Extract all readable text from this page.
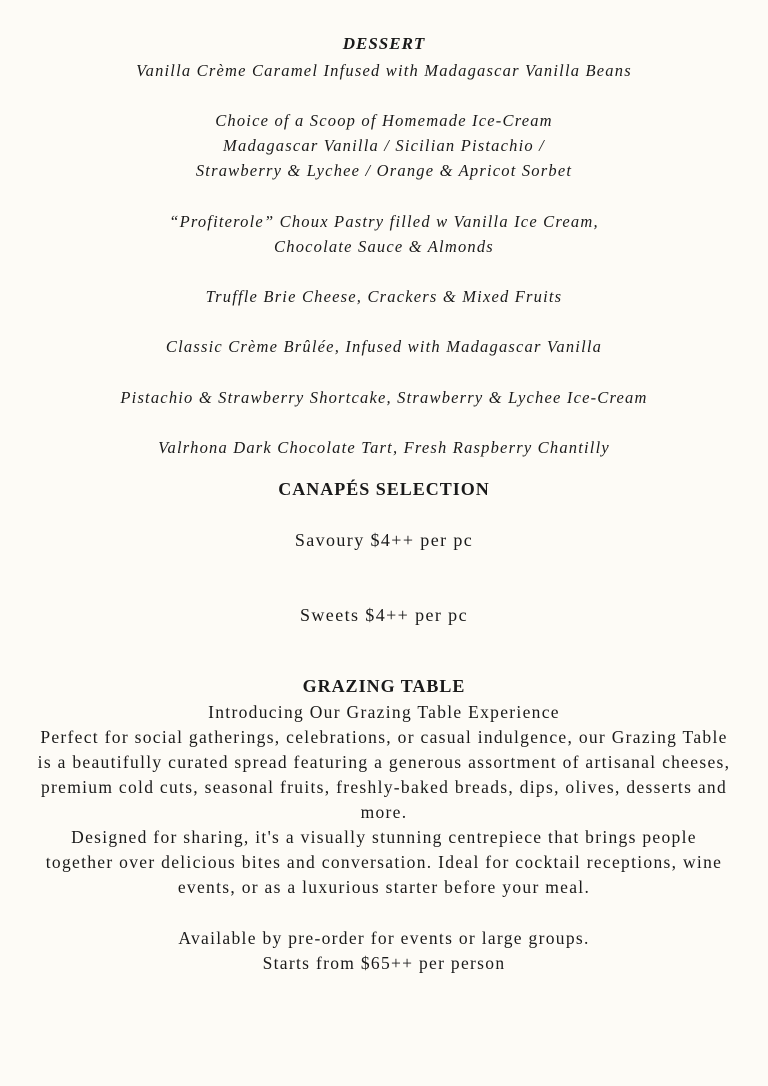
DESSERT
Vanilla Crème Caramel Infused with Madagascar Vanilla Beans
Choice of a Scoop of Homemade Ice-Cream
Madagascar Vanilla / Sicilian Pistachio /
Strawberry & Lychee / Orange & Apricot Sorbet
“Profiterole” Choux Pastry filled w Vanilla Ice Cream,
Chocolate Sauce & Almonds
Truffle Brie Cheese, Crackers & Mixed Fruits
Classic Crème Brûlée, Infused with Madagascar Vanilla
Pistachio & Strawberry Shortcake, Strawberry & Lychee Ice-Cream
Valrhona Dark Chocolate Tart, Fresh Raspberry Chantilly
CANAPÉS SELECTION
Savoury $4++ per pc
Sweets $4++ per pc
GRAZING TABLE
Introducing Our Grazing Table Experience
Perfect for social gatherings, celebrations, or casual indulgence, our Grazing Table
is a beautifully curated spread featuring a generous assortment of artisanal cheeses,
premium cold cuts, seasonal fruits, freshly-baked breads, dips, olives, desserts and
more.
Designed for sharing, it's a visually stunning centrepiece that brings people
together over delicious bites and conversation. Ideal for cocktail receptions, wine
events, or as a luxurious starter before your meal.
Available by pre-order for events or large groups.
Starts from $65++ per person
